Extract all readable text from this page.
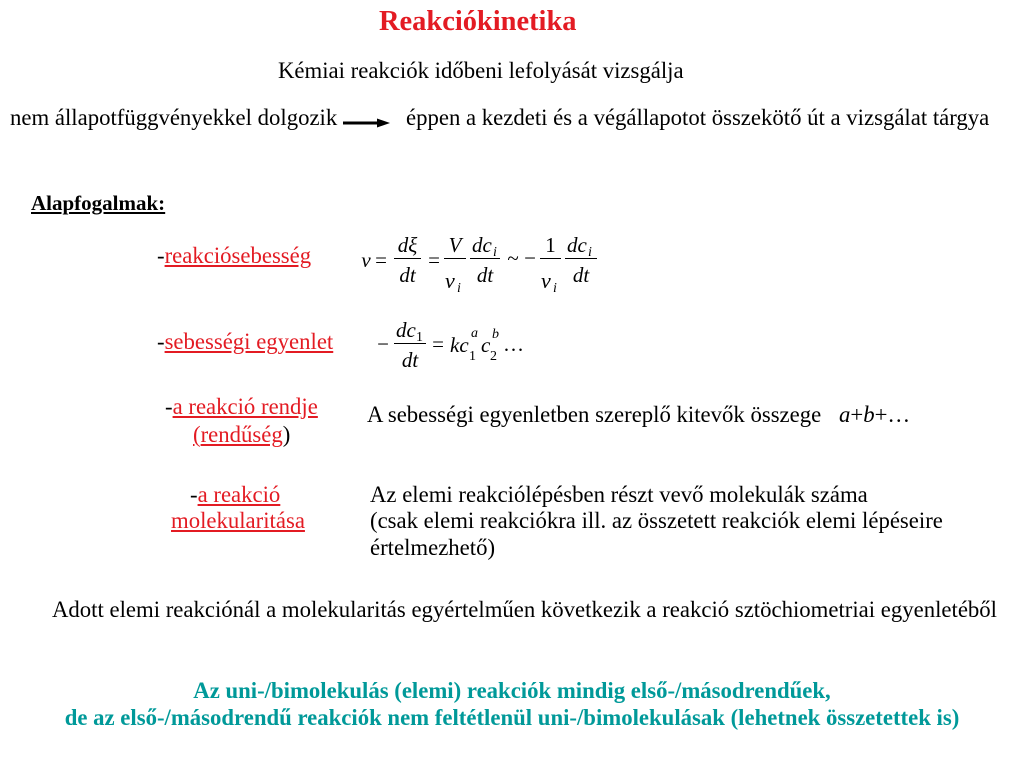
Reakciókinetika
Kémiai reakciók időbeni lefolyását vizsgálja
nem állapotfüggvényekkel dolgozik	éppen a kezdeti és a végállapotot összekötő út a vizsgálat tárgya
Alapfogalmak:
-reakciósebesség
-sebességi egyenlet
-a reakció rendje
(rendűség)
A sebességi egyenletben szereplő kitevők összege a+b+…
-a reakció
molekularitása
Az elemi reakciólépésben részt vevő molekulák száma
(csak elemi reakciókra ill. az összetett reakciók elemi lépéseire
értelmezhető)
Adott elemi reakciónál a molekularitás egyértelműen következik a reakció sztöchiometriai egyenletéből
Az uni-/bimolekulás (elemi) reakciók mindig első-/másodrendűek,
de az első-/másodrendű reakciók nem feltétlenül uni-/bimolekulásak (lehetnek összetettek is)
v =
dξ
dt
=
V
ν i
dc i
dt
~ −
1
ν i
dc i
dt
−
dc 1
dt
= kc a
1 c b
2
…
